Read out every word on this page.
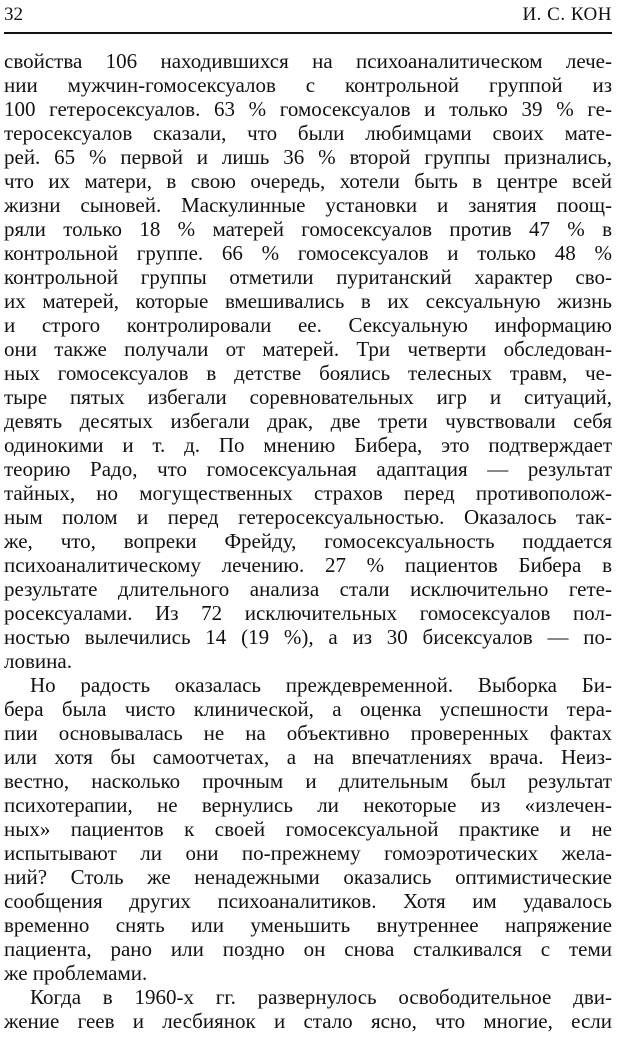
32	И. С. КОН
свойства 106 находившихся на психоаналитическом лече-
нии мужчин-гомосексуалов с контрольной группой из
100 гетеросексуалов. 63 % гомосексуалов и только 39 % ге-
теросексуалов сказали, что были любимцами своих мате-
рей. 65 % первой и лишь 36 % второй группы признались,
что их матери, в свою очередь, хотели быть в центре всей
жизни сыновей. Маскулинные установки и занятия поощ-
ряли только 18 % матерей гомосексуалов против 47 % в
контрольной группе. 66 % гомосексуалов и только 48 %
контрольной группы отметили пуританский характер сво-
их матерей, которые вмешивались в их сексуальную жизнь
и строго контролировали ее. Сексуальную информацию
они также получали от матерей. Три четверти обследован-
ных гомосексуалов в детстве боялись телесных травм, че-
тыре пятых избегали соревновательных игр и ситуаций,
девять десятых избегали драк, две трети чувствовали себя
одинокими и т. д. По мнению Бибера, это подтверждает
теорию Радо, что гомосексуальная адаптация — результат
тайных, но могущественных страхов перед противополож-
ным полом и перед гетеросексуальностью. Оказалось так-
же, что, вопреки Фрейду, гомосексуальность поддается
психоаналитическому лечению. 27 % пациентов Бибера в
результате длительного анализа стали исключительно гете-
росексуалами. Из 72 исключительных гомосексуалов пол-
ностью вылечились 14 (19 %), а из 30 бисексуалов — по-
ловина.
Но радость оказалась преждевременной. Выборка Би-
бера была чисто клинической, а оценка успешности тера-
пии основывалась не на объективно проверенных фактах
или хотя бы самоотчетах, а на впечатлениях врача. Неиз-
вестно, насколько прочным и длительным был результат
психотерапии, не вернулись ли некоторые из «излечен-
ных» пациентов к своей гомосексуальной практике и не
испытывают ли они по-прежнему гомоэротических жела-
ний? Столь же ненадежными оказались оптимистические
сообщения других психоаналитиков. Хотя им удавалось
временно снять или уменьшить внутреннее напряжение
пациента, рано или поздно он снова сталкивался с теми
же проблемами.
Когда в 1960-х гг. развернулось освободительное дви-
жение геев и лесбиянок и стало ясно, что многие, если
